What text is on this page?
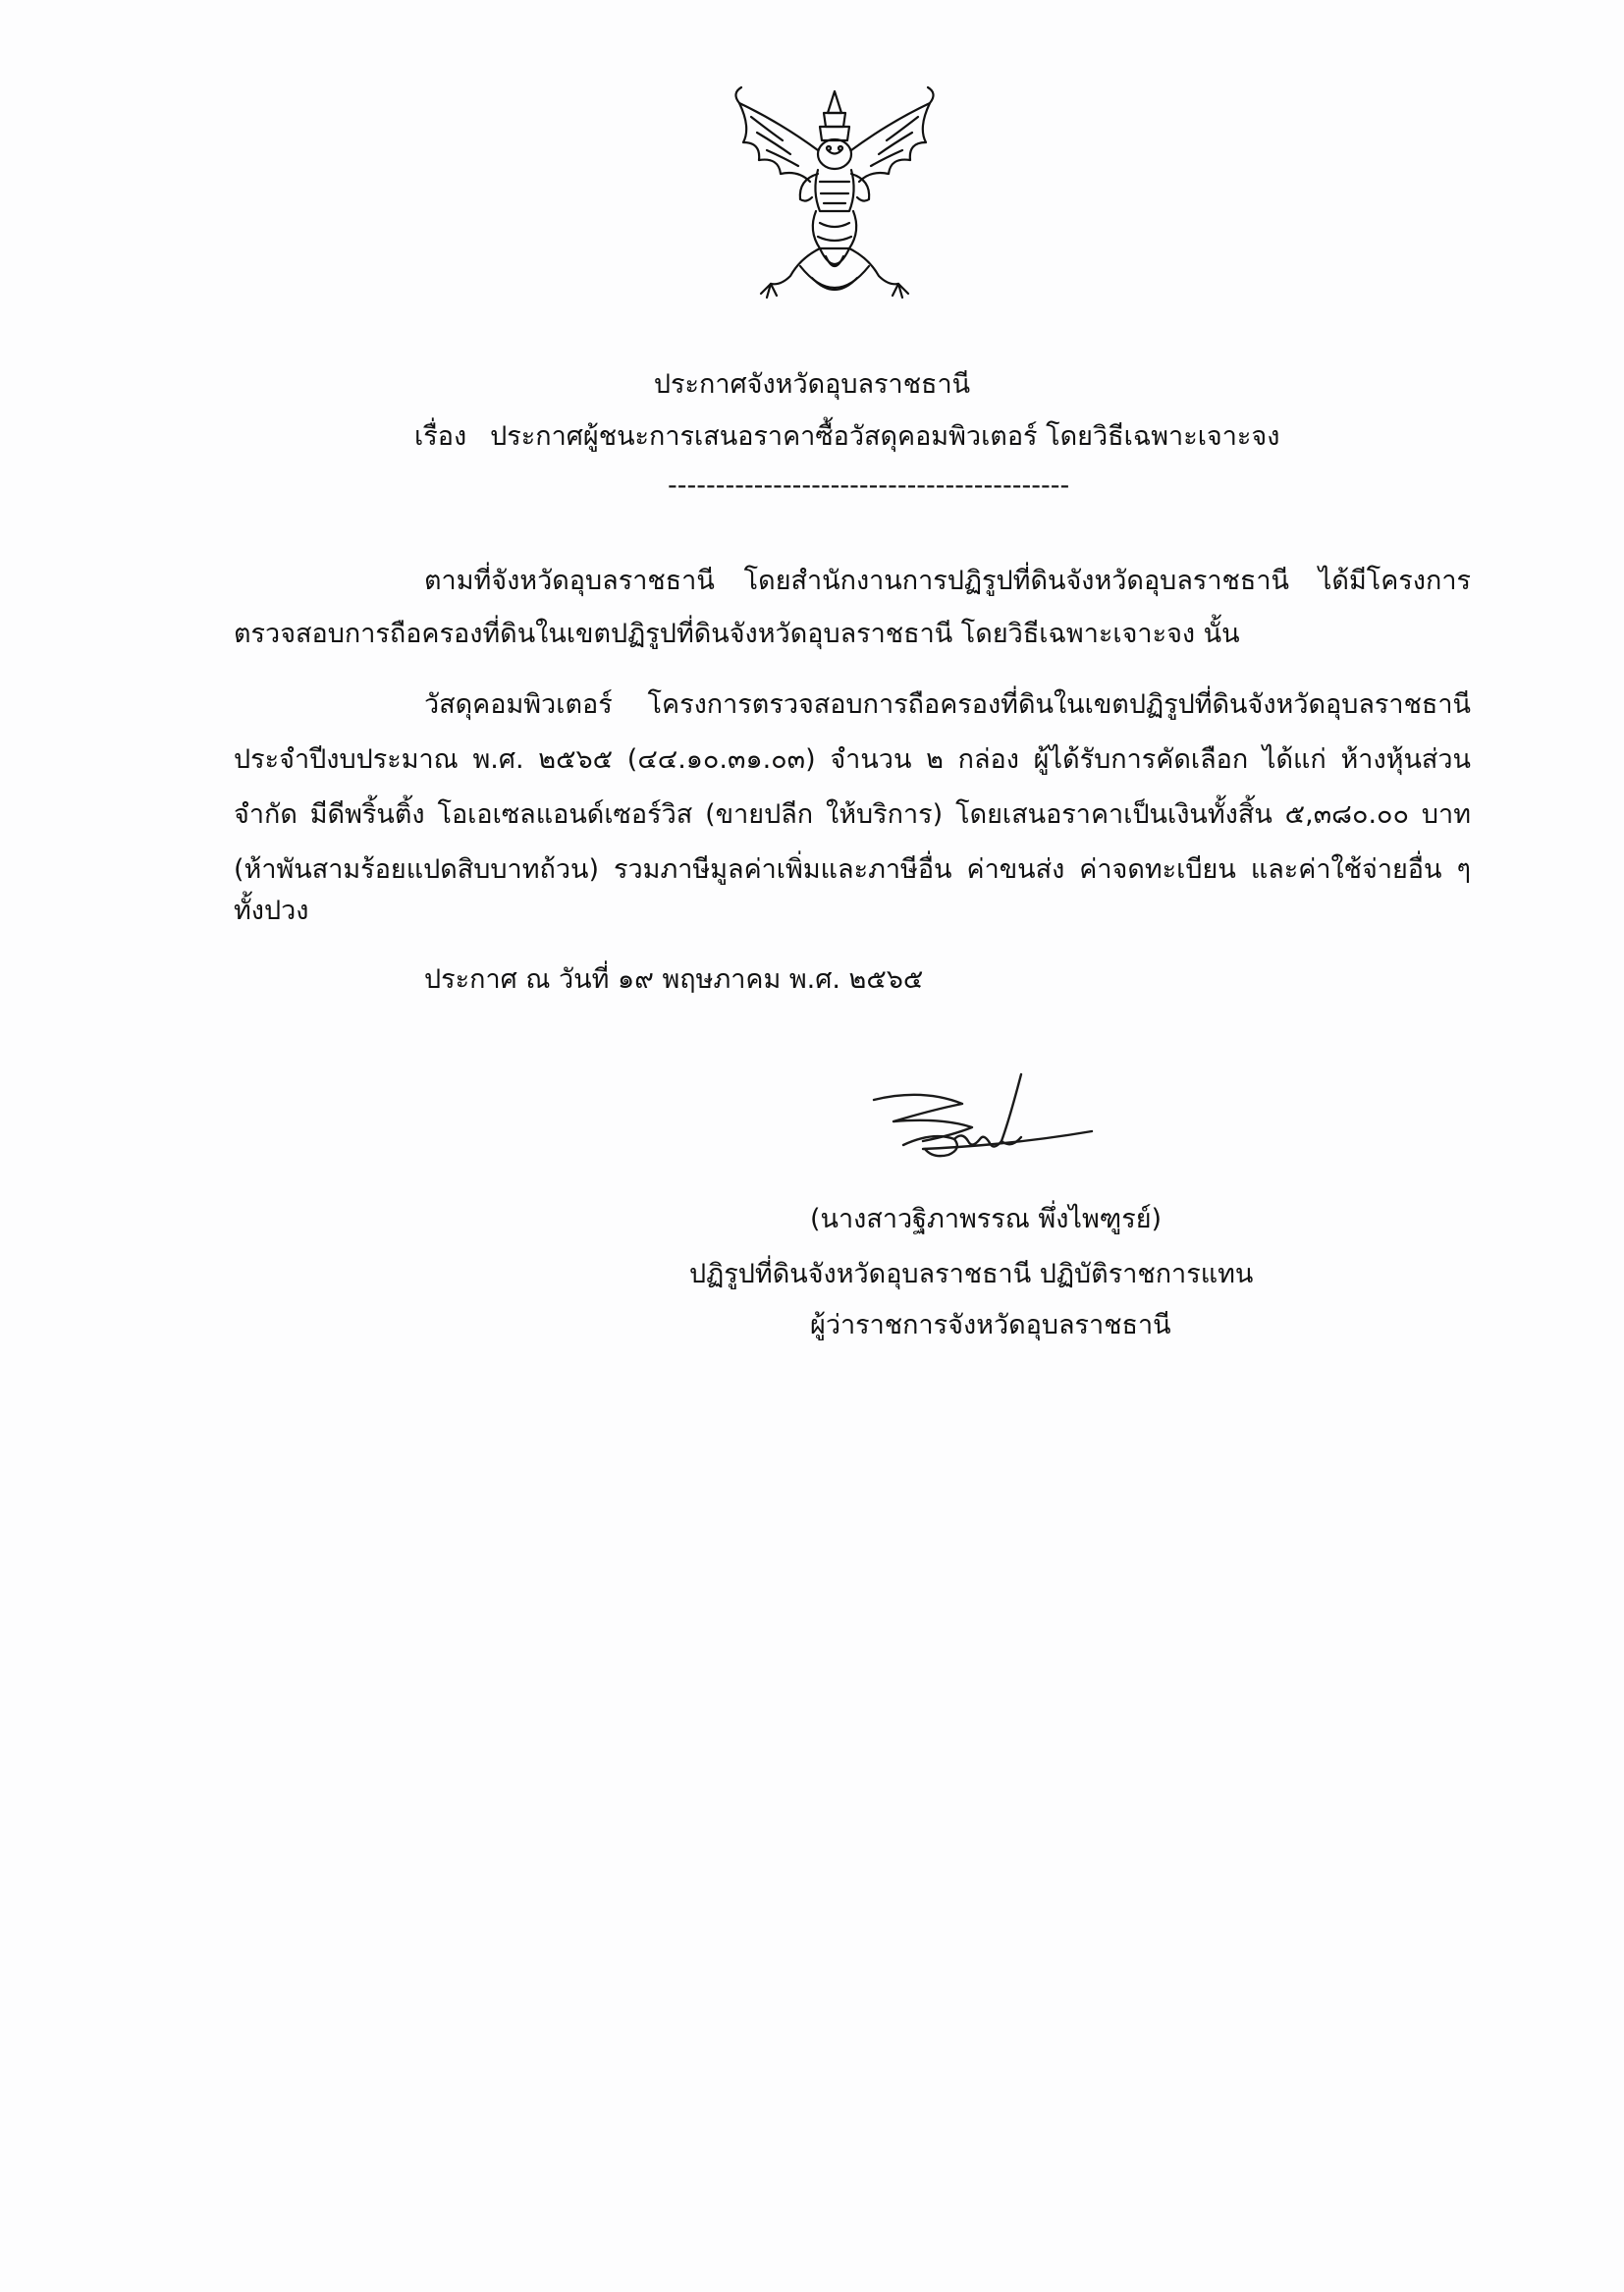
ประกาศจังหวัดอุบลราชธานี
เรื่อง ประกาศผู้ชนะการเสนอราคาซื้อวัสดุคอมพิวเตอร์ โดยวิธีเฉพาะเจาะจง
------------------------------------------
ตามที่จังหวัดอุบลราชธานี โดยสำนักงานการปฏิรูปที่ดินจังหวัดอุบลราชธานี ได้มีโครงการ
ตรวจสอบการถือครองที่ดินในเขตปฏิรูปที่ดินจังหวัดอุบลราชธานี โดยวิธีเฉพาะเจาะจง นั้น
วัสดุคอมพิวเตอร์ โครงการตรวจสอบการถือครองที่ดินในเขตปฏิรูปที่ดินจังหวัดอุบลราชธานี
ประจำปีงบประมาณ พ.ศ. ๒๕๖๕ (๔๔.๑๐.๓๑.๐๓) จำนวน ๒ กล่อง ผู้ได้รับการคัดเลือก ได้แก่ ห้างหุ้นส่วน
จำกัด มีดีพริ้นติ้ง โอเอเซลแอนด์เซอร์วิส (ขายปลีก ให้บริการ) โดยเสนอราคาเป็นเงินทั้งสิ้น ๕,๓๘๐.๐๐ บาท
(ห้าพันสามร้อยแปดสิบบาทถ้วน) รวมภาษีมูลค่าเพิ่มและภาษีอื่น ค่าขนส่ง ค่าจดทะเบียน และค่าใช้จ่ายอื่น ๆ
ทั้งปวง
ประกาศ ณ วันที่ ๑๙ พฤษภาคม พ.ศ. ๒๕๖๕
(นางสาวฐิภาพรรณ พึ่งไพฑูรย์)
ปฏิรูปที่ดินจังหวัดอุบลราชธานี ปฏิบัติราชการแทน
ผู้ว่าราชการจังหวัดอุบลราชธานี
